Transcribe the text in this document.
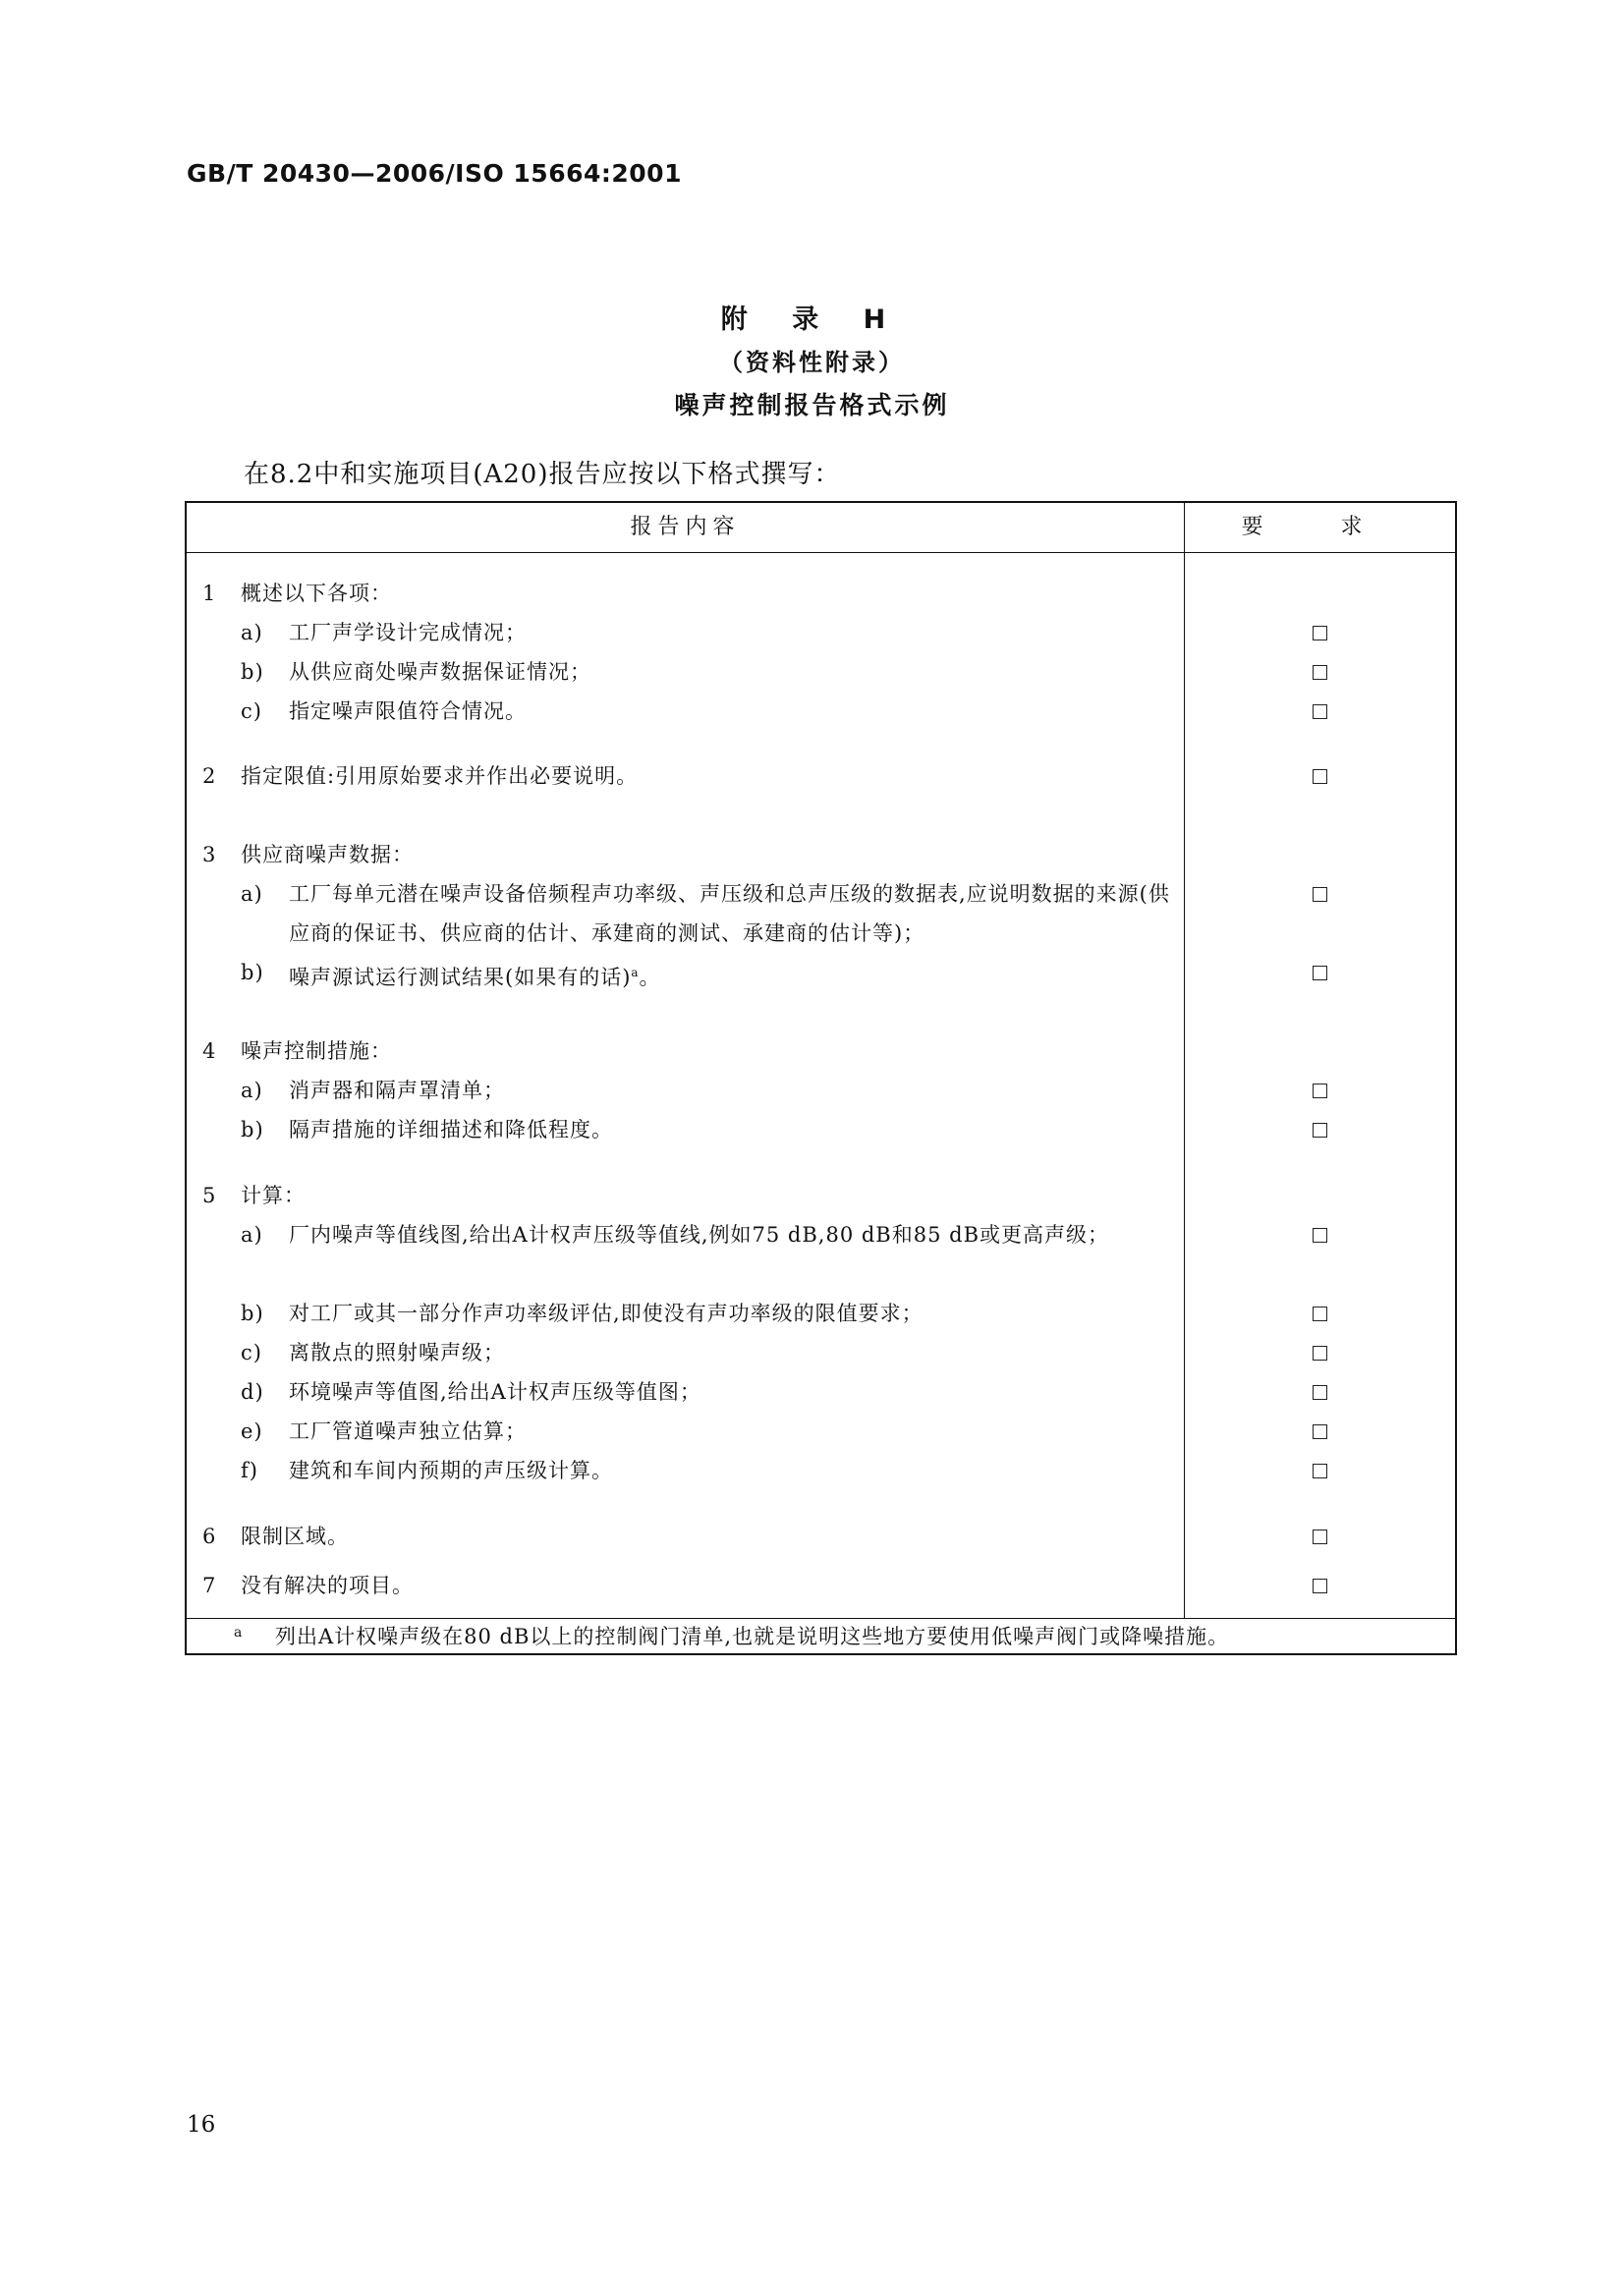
GB/T 20430—2006/ISO 15664:2001
附 录 H
（资料性附录）
噪声控制报告格式示例
在8.2中和实施项目(A20)报告应按以下格式撰写：
报告内容	要 求
1 概述以下各项：
a) 工厂声学设计完成情况；
b) 从供应商处噪声数据保证情况；
c) 指定噪声限值符合情况。
2 指定限值:引用原始要求并作出必要说明。
3 供应商噪声数据：
a) 工厂每单元潜在噪声设备倍频程声功率级、声压级和总声压级的数据表,应说明数据的来源(供应商的保证书、供应商的估计、承建商的测试、承建商的估计等)；
b) 噪声源试运行测试结果(如果有的话)$^a$。
4 噪声控制措施：
a) 消声器和隔声罩清单；
b) 隔声措施的详细描述和降低程度。
5 计算：
a) 厂内噪声等值线图,给出A计权声压级等值线,例如75 dB,80 dB和85 dB或更高声级；
b) 对工厂或其一部分作声功率级评估,即使没有声功率级的限值要求；
c) 离散点的照射噪声级；
d) 环境噪声等值图,给出A计权声压级等值图；
e) 工厂管道噪声独立估算；
f) 建筑和车间内预期的声压级计算。
6 限制区域。
7 没有解决的项目。
a 列出A计权噪声级在80 dB以上的控制阀门清单,也就是说明这些地方要使用低噪声阀门或降噪措施。
16
